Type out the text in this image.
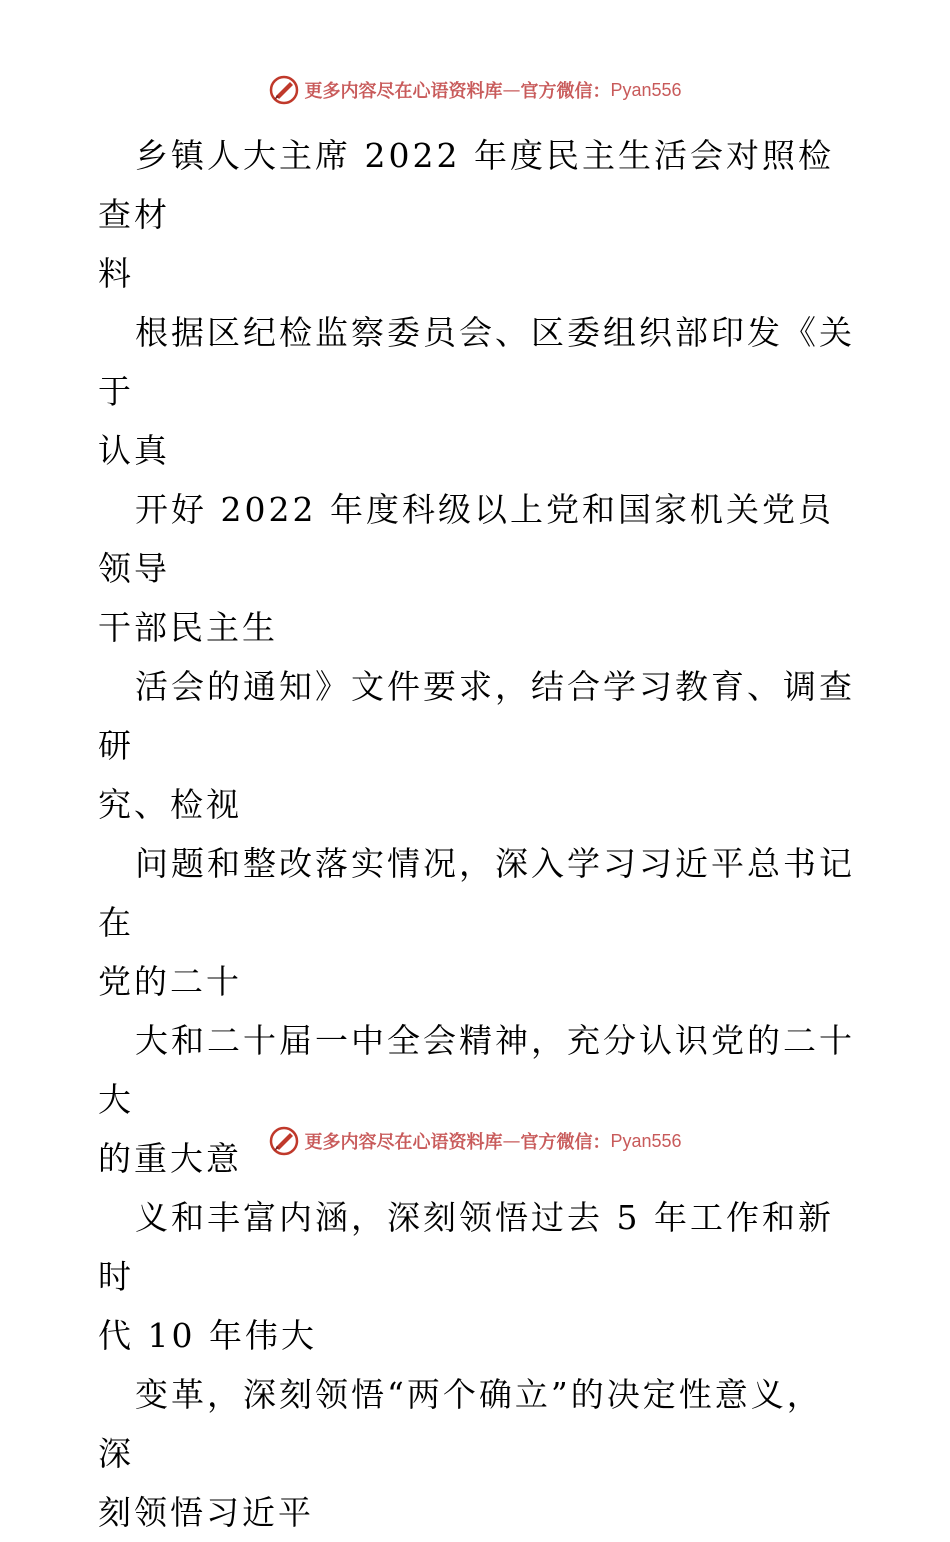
更多内容尽在心语资料库 — 官方微信： Pyan556
乡镇人大主席 2022 年度民主生活会对照检查材
料
根据区纪检监察委员会、区委组织部印发《关于
认真
开好 2022 年度科级以上党和国家机关党员领导
干部民主生
活会的通知》文件要求，结合学习教育、调查研
究、检视
问题和整改落实情况，深入学习习近平总书记在
党的二十
大和二十届一中全会精神，充分认识党的二十大
的重大意
义和丰富内涵，深刻领悟过去 5 年工作和新时
代 10 年伟大
变革，深刻领悟“两个确立”的决定性意义，深
刻领悟习近平
更多内容尽在心语资料库 — 官方微信： Pyan556
